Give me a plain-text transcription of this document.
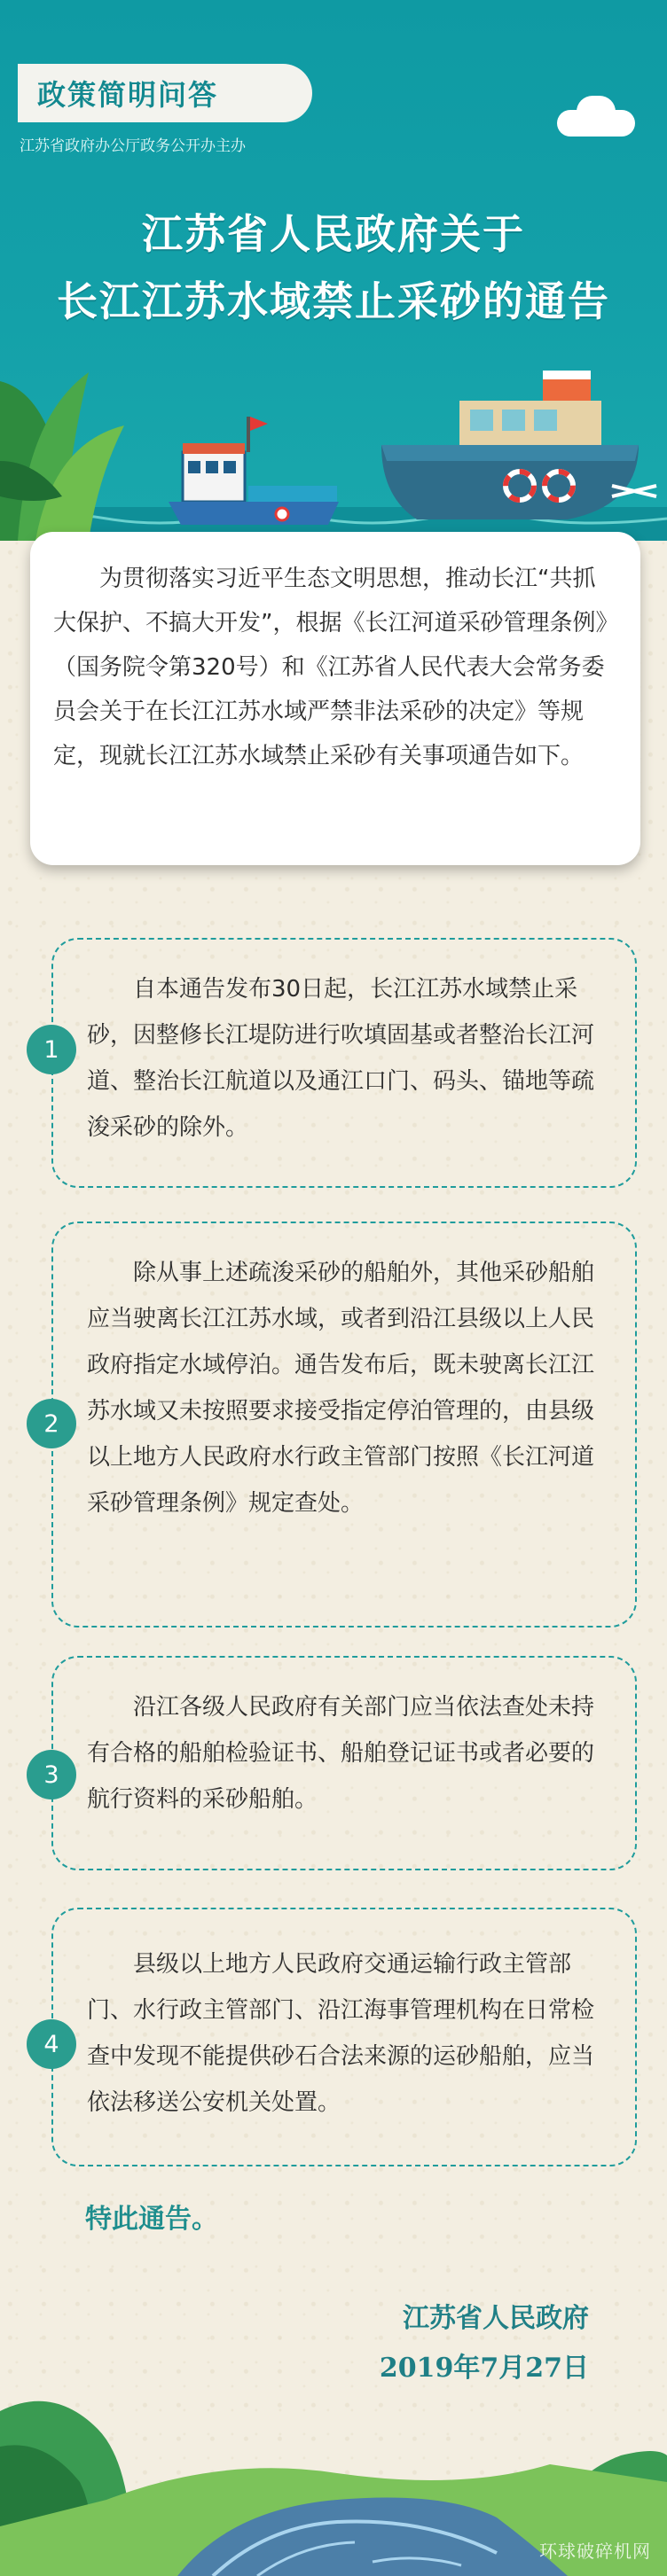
政策简明问答
江苏省政府办公厅政务公开办主办
江苏省人民政府关于
长江江苏水域禁止采砂的通告
为贯彻落实习近平生态文明思想，推动长江“共抓大保护、不搞大开发”，根据《长江河道采砂管理条例》（国务院令第320号）和《江苏省人民代表大会常务委员会关于在长江江苏水域严禁非法采砂的决定》等规定，现就长江江苏水域禁止采砂有关事项通告如下。
1
自本通告发布30日起，长江江苏水域禁止采砂，因整修长江堤防进行吹填固基或者整治长江河道、整治长江航道以及通江口门、码头、锚地等疏浚采砂的除外。
2
除从事上述疏浚采砂的船舶外，其他采砂船舶应当驶离长江江苏水域，或者到沿江县级以上人民政府指定水域停泊。通告发布后，既未驶离长江江苏水域又未按照要求接受指定停泊管理的，由县级以上地方人民政府水行政主管部门按照《长江河道采砂管理条例》规定查处。
3
沿江各级人民政府有关部门应当依法查处未持有合格的船舶检验证书、船舶登记证书或者必要的航行资料的采砂船舶。
4
县级以上地方人民政府交通运输行政主管部门、水行政主管部门、沿江海事管理机构在日常检查中发现不能提供砂石合法来源的运砂船舶，应当依法移送公安机关处置。
特此通告。
江苏省人民政府
2019年7月27日
环球破碎机网
